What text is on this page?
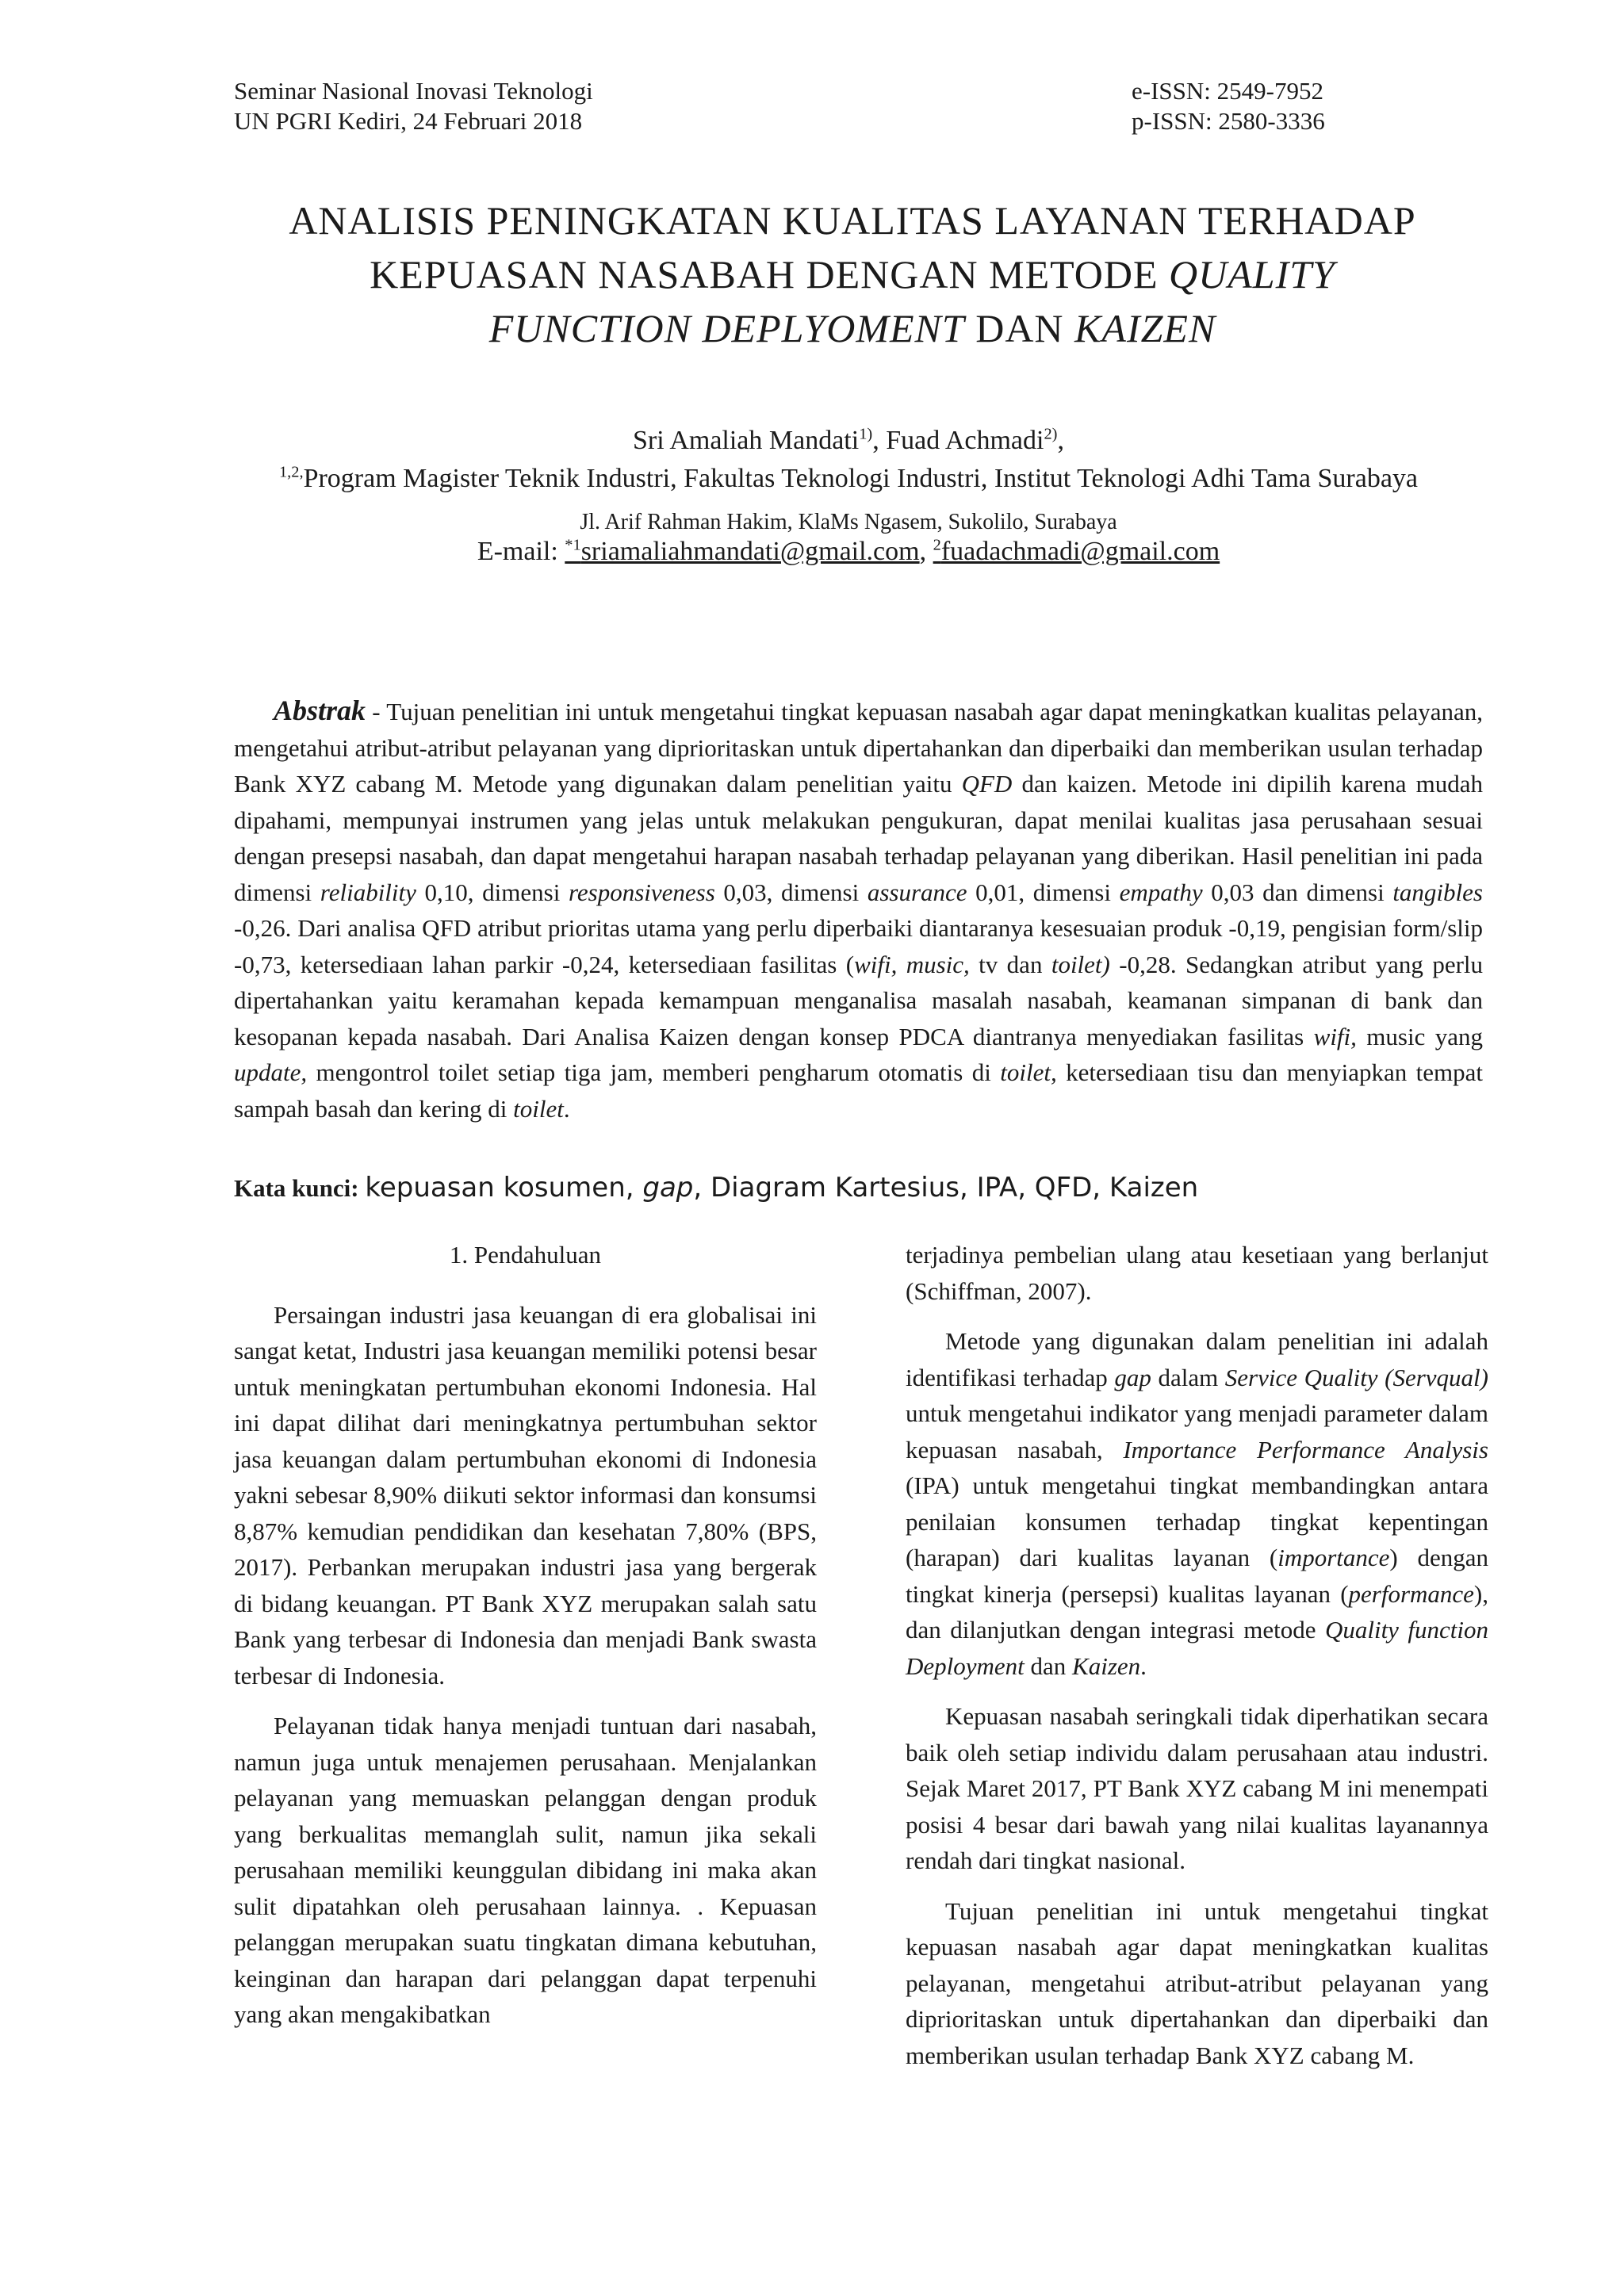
Seminar Nasional Inovasi Teknologi
UN PGRI Kediri, 24 Februari 2018
e-ISSN: 2549-7952
p-ISSN: 2580-3336
ANALISIS PENINGKATAN KUALITAS LAYANAN TERHADAP
KEPUASAN NASABAH DENGAN METODE QUALITY
FUNCTION DEPLYOMENT DAN KAIZEN
Sri Amaliah Mandati$^{1)}$, Fuad Achmadi$^{2)}$,
$^{1,2,}$Program Magister Teknik Industri, Fakultas Teknologi Industri, Institut Teknologi Adhi Tama Surabaya
Jl. Arif Rahman Hakim, KlaMs Ngasem, Sukolilo, Surabaya
E-mail: $^{*1}$sriamaliahmandati@gmail.com, $^2$fuadachmadi@gmail.com
Abstrak - Tujuan penelitian ini untuk mengetahui tingkat kepuasan nasabah agar dapat meningkatkan kualitas pelayanan, mengetahui atribut-atribut pelayanan yang diprioritaskan untuk dipertahankan dan diperbaiki dan memberikan usulan terhadap Bank XYZ cabang M. Metode yang digunakan dalam penelitian yaitu QFD dan kaizen. Metode ini dipilih karena mudah dipahami, mempunyai instrumen yang jelas untuk melakukan pengukuran, dapat menilai kualitas jasa perusahaan sesuai dengan presepsi nasabah, dan dapat mengetahui harapan nasabah terhadap pelayanan yang diberikan. Hasil penelitian ini pada dimensi reliability 0,10, dimensi responsiveness 0,03, dimensi assurance 0,01, dimensi empathy 0,03 dan dimensi tangibles -0,26. Dari analisa QFD atribut prioritas utama yang perlu diperbaiki diantaranya kesesuaian produk -0,19, pengisian form/slip -0,73, ketersediaan lahan parkir -0,24, ketersediaan fasilitas (wifi, music, tv dan toilet) -0,28. Sedangkan atribut yang perlu dipertahankan yaitu keramahan kepada kemampuan menganalisa masalah nasabah, keamanan simpanan di bank dan kesopanan kepada nasabah. Dari Analisa Kaizen dengan konsep PDCA diantranya menyediakan fasilitas wifi, music yang update, mengontrol toilet setiap tiga jam, memberi pengharum otomatis di toilet, ketersediaan tisu dan menyiapkan tempat sampah basah dan kering di toilet.
Kata kunci: kepuasan kosumen, gap, Diagram Kartesius, IPA, QFD, Kaizen
1. Pendahuluan

Persaingan industri jasa keuangan di era globalisai ini sangat ketat, Industri jasa keuangan memiliki potensi besar untuk meningkatan pertumbuhan ekonomi Indonesia. Hal ini dapat dilihat dari meningkatnya pertumbuhan sektor jasa keuangan dalam pertumbuhan ekonomi di Indonesia yakni sebesar 8,90% diikuti sektor informasi dan konsumsi 8,87% kemudian pendidikan dan kesehatan 7,80% (BPS, 2017). Perbankan merupakan industri jasa yang bergerak di bidang keuangan. PT Bank XYZ merupakan salah satu Bank yang terbesar di Indonesia dan menjadi Bank swasta terbesar di Indonesia.

Pelayanan tidak hanya menjadi tuntuan dari nasabah, namun juga untuk menajemen perusahaan. Menjalankan pelayanan yang memuaskan pelanggan dengan produk yang berkualitas memanglah sulit, namun jika sekali perusahaan memiliki keunggulan dibidang ini maka akan sulit dipatahkan oleh perusahaan lainnya. . Kepuasan pelanggan merupakan suatu tingkatan dimana kebutuhan, keinginan dan harapan dari pelanggan dapat terpenuhi yang akan mengakibatkan

terjadinya pembelian ulang atau kesetiaan yang berlanjut (Schiffman, 2007).

Metode yang digunakan dalam penelitian ini adalah identifikasi terhadap gap dalam Service Quality (Servqual) untuk mengetahui indikator yang menjadi parameter dalam kepuasan nasabah, Importance Performance Analysis (IPA) untuk mengetahui tingkat membandingkan antara penilaian konsumen terhadap tingkat kepentingan (harapan) dari kualitas layanan (importance) dengan tingkat kinerja (persepsi) kualitas layanan (performance), dan dilanjutkan dengan integrasi metode Quality function Deployment dan Kaizen.

Kepuasan nasabah seringkali tidak diperhatikan secara baik oleh setiap individu dalam perusahaan atau industri. Sejak Maret 2017, PT Bank XYZ cabang M ini menempati posisi 4 besar dari bawah yang nilai kualitas layanannya rendah dari tingkat nasional.

Tujuan penelitian ini untuk mengetahui tingkat kepuasan nasabah agar dapat meningkatkan kualitas pelayanan, mengetahui atribut-atribut pelayanan yang diprioritaskan untuk dipertahankan dan diperbaiki dan memberikan usulan terhadap Bank XYZ cabang M.
